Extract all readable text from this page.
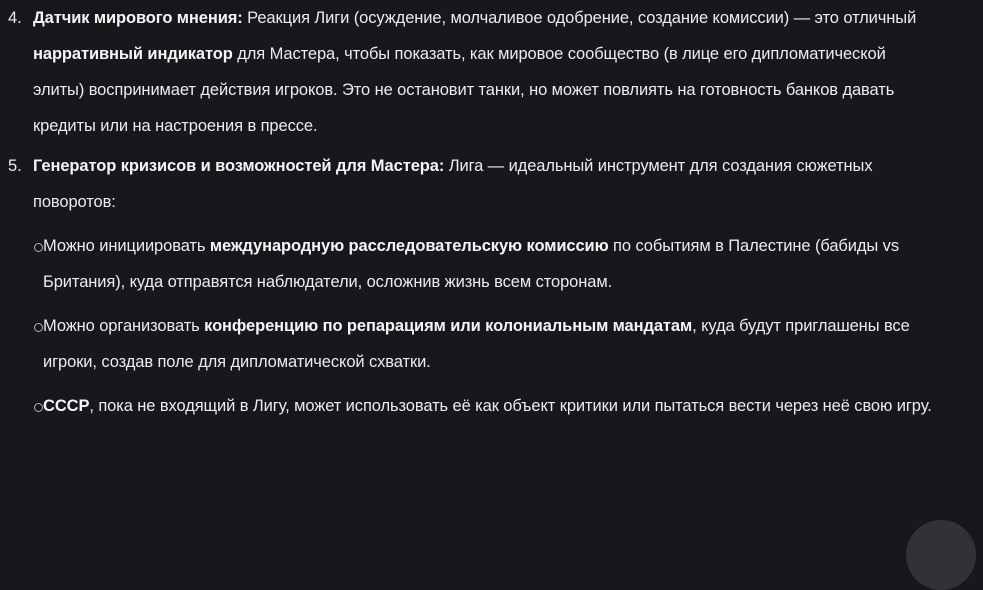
4. Датчик мирового мнения: Реакция Лиги (осуждение, молчаливое одобрение, создание комиссии) — это отличный нарративный индикатор для Мастера, чтобы показать, как мировое сообщество (в лице его дипломатической элиты) воспринимает действия игроков. Это не остановит танки, но может повлиять на готовность банков давать кредиты или на настроения в прессе.

5. Генератор кризисов и возможностей для Мастера: Лига — идеальный инструмент для создания сюжетных поворотов:

Можно инициировать международную расследовательскую комиссию по событиям в Палестине (бабиды vs Британия), куда отправятся наблюдатели, осложнив жизнь всем сторонам.

Можно организовать конференцию по репарациям или колониальным мандатам, куда будут приглашены все игроки, создав поле для дипломатической схватки.

СССР, пока не входящий в Лигу, может использовать её как объект критики или пытаться вести через неё свою игру.
